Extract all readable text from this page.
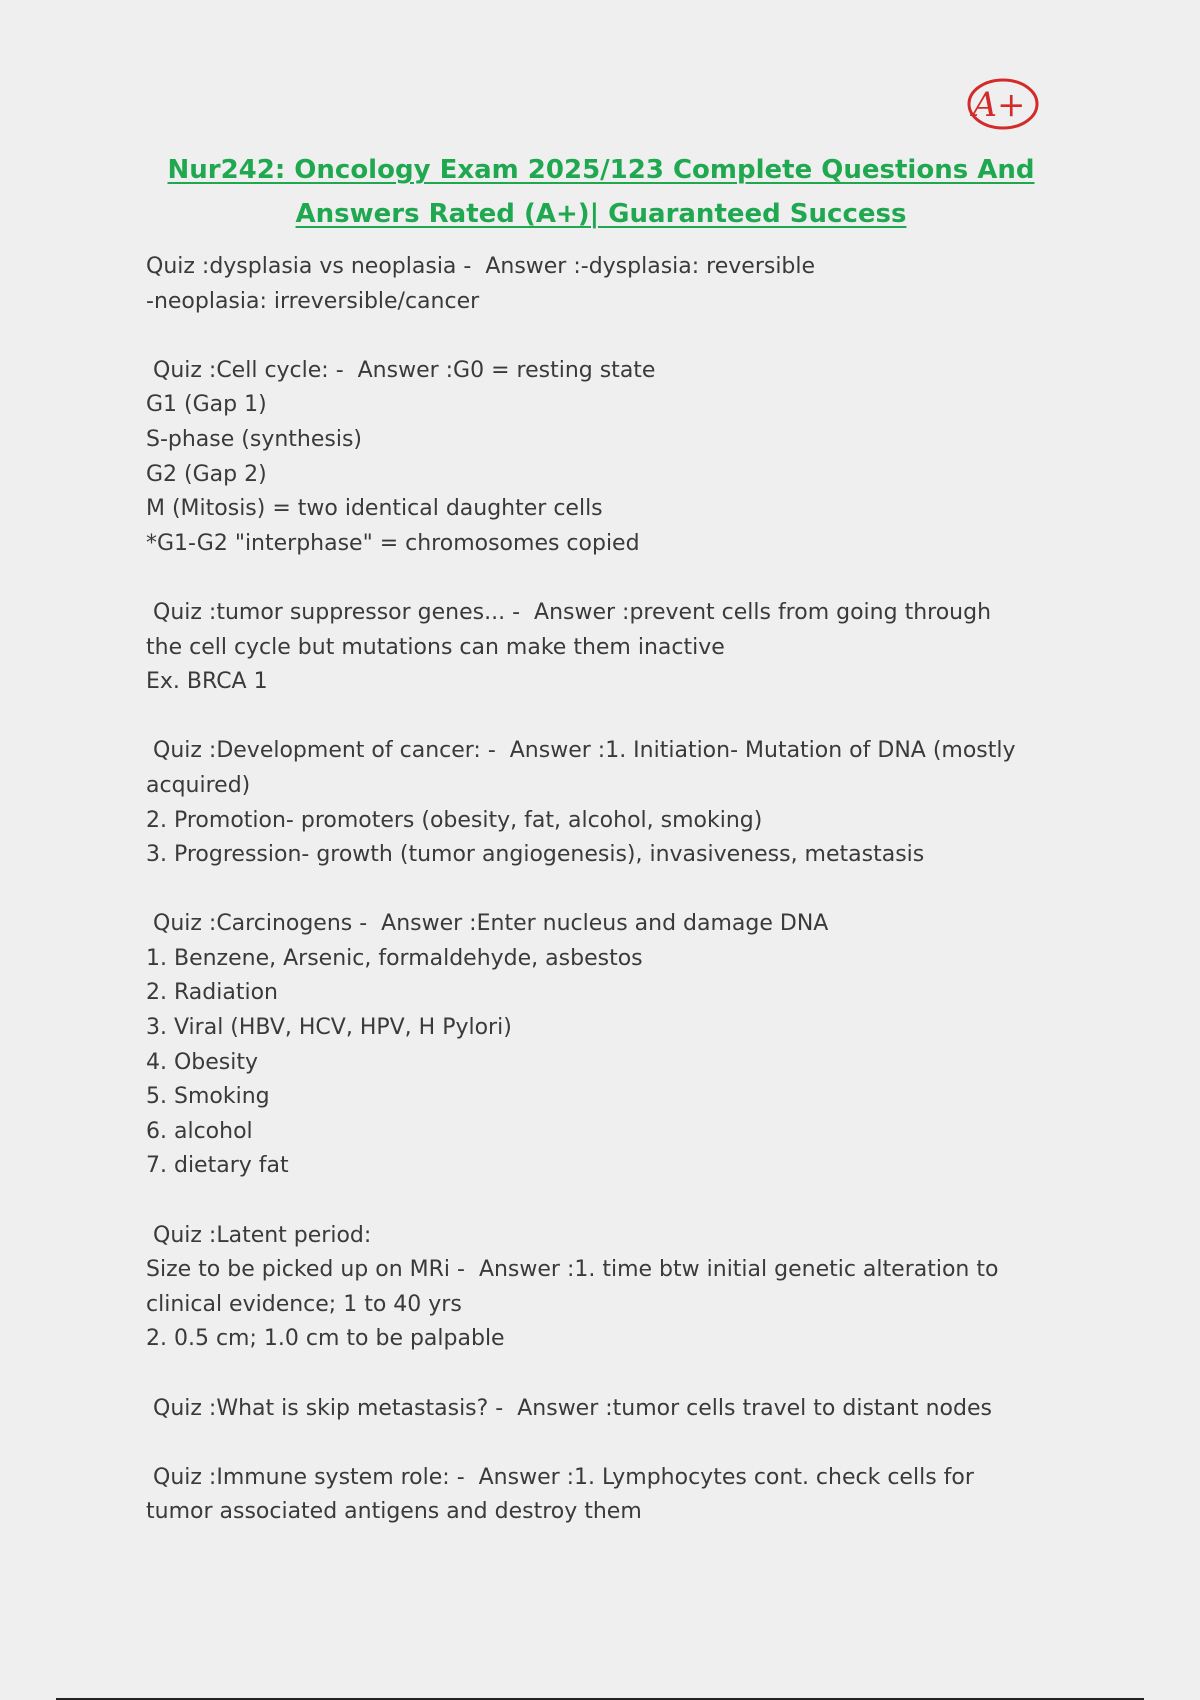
A+
Nur242: Oncology Exam 2025/123 Complete Questions And
Answers Rated (A+)| Guaranteed Success
Quiz :dysplasia vs neoplasia -  Answer :-dysplasia: reversible
-neoplasia: irreversible/cancer
Quiz :Cell cycle: -  Answer :G0 = resting state
G1 (Gap 1)
S-phase (synthesis)
G2 (Gap 2)
M (Mitosis) = two identical daughter cells
*G1-G2 "interphase" = chromosomes copied
Quiz :tumor suppressor genes... -  Answer :prevent cells from going through
the cell cycle but mutations can make them inactive
Ex. BRCA 1
Quiz :Development of cancer: -  Answer :1. Initiation- Mutation of DNA (mostly
acquired)
2. Promotion- promoters (obesity, fat, alcohol, smoking)
3. Progression- growth (tumor angiogenesis), invasiveness, metastasis
Quiz :Carcinogens -  Answer :Enter nucleus and damage DNA
1. Benzene, Arsenic, formaldehyde, asbestos
2. Radiation
3. Viral (HBV, HCV, HPV, H Pylori)
4. Obesity
5. Smoking
6. alcohol
7. dietary fat
Quiz :Latent period:
Size to be picked up on MRi -  Answer :1. time btw initial genetic alteration to
clinical evidence; 1 to 40 yrs
2. 0.5 cm; 1.0 cm to be palpable
Quiz :What is skip metastasis? -  Answer :tumor cells travel to distant nodes
Quiz :Immune system role: -  Answer :1. Lymphocytes cont. check cells for
tumor associated antigens and destroy them
